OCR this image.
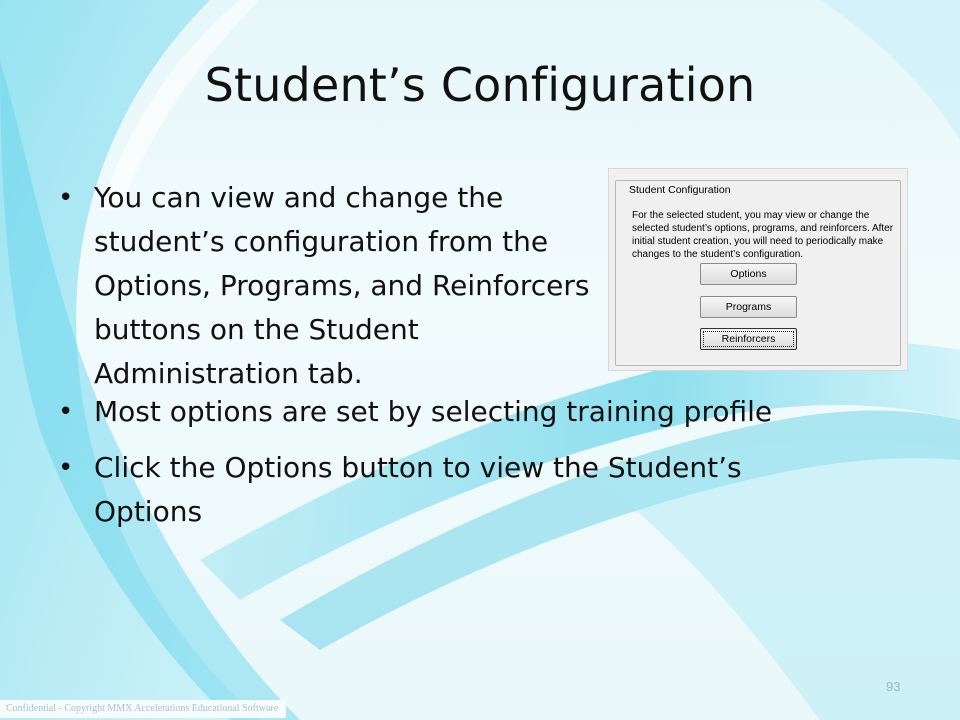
Student’s Configuration
• You can view and change the student’s configuration from the Options, Programs, and Reinforcers buttons on the Student Administration tab.
• Most options are set by selecting training profile
• Click the Options button to view the Student’s Options
Student Configuration
For the selected student, you may view or change the selected student’s options, programs, and reinforcers. After initial student creation, you will need to periodically make changes to the student’s configuration.
Options
Programs
Reinforcers
93
Confidential - Copyright MMX Accelerations Educational Software
